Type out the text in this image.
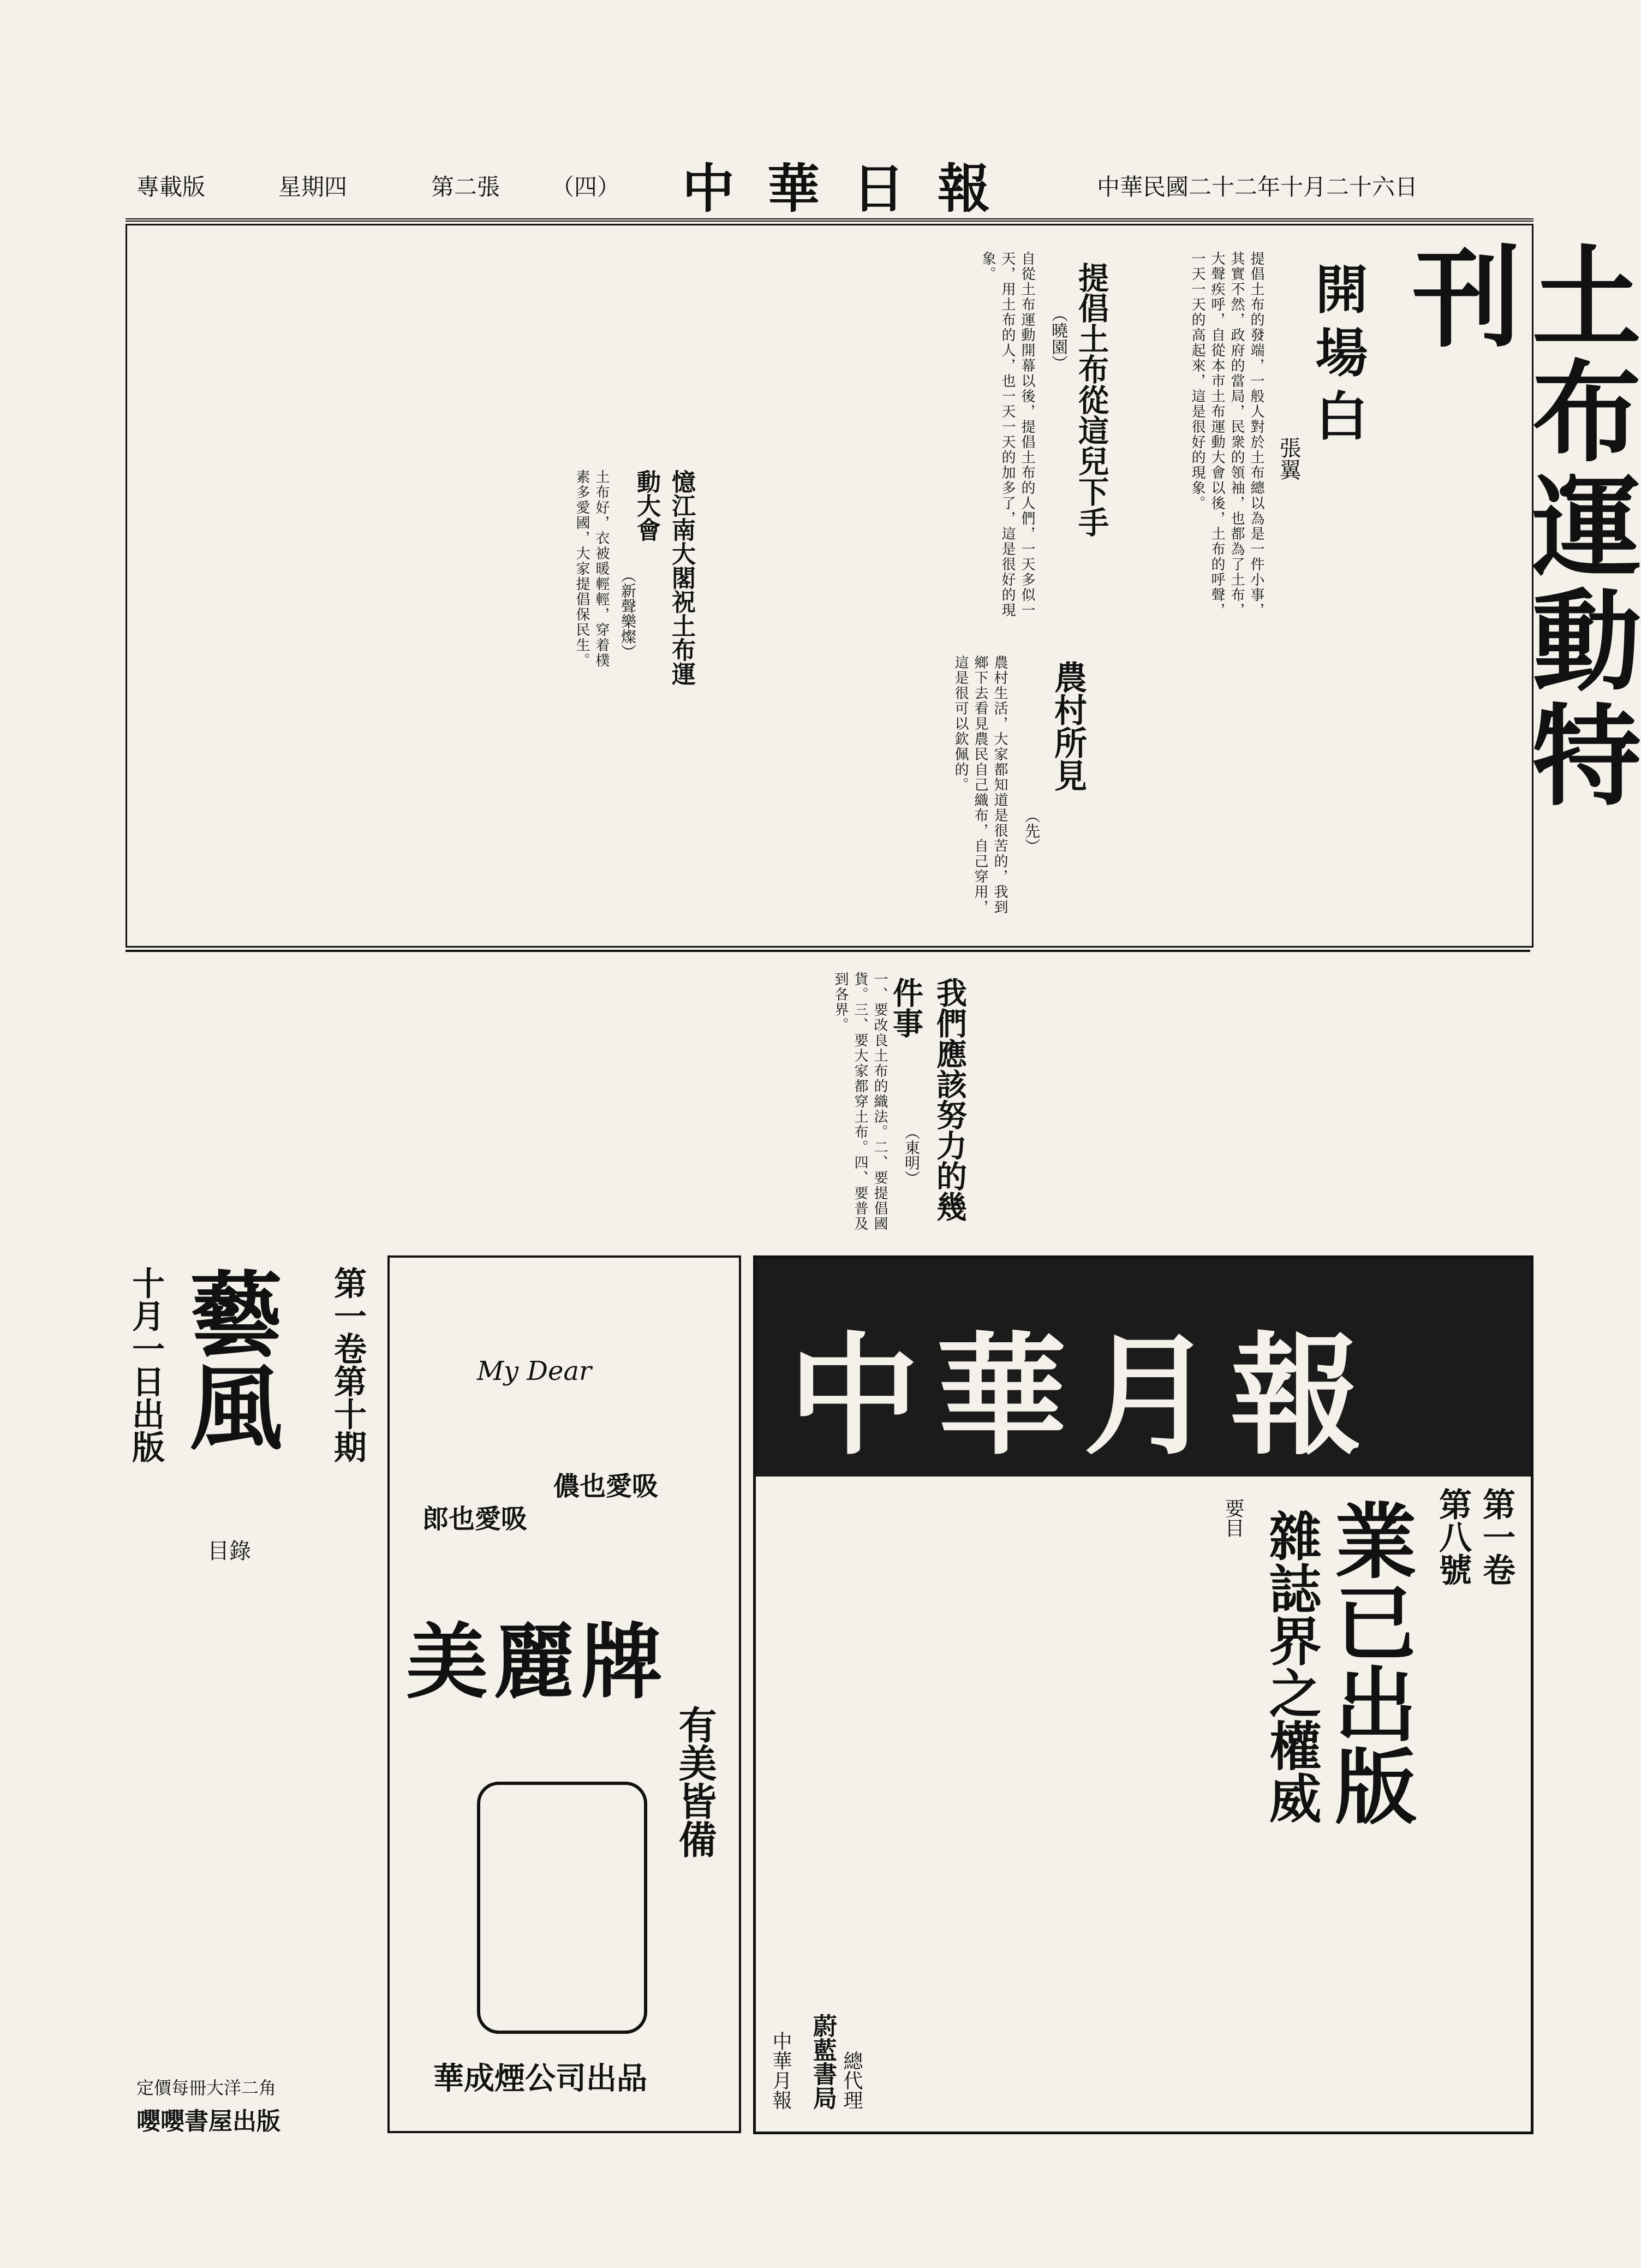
專載版	星期四	第二張 （四） 中華日報	中華民國二十二年十月二十六日
土布運動特刊
開場白
張翼
提倡土布的發端，一般人對於土布總以為是一件小事，其實不然，政府的當局，民衆的領袖，也都為了土布，大聲疾呼，自從本市土布運動大會以後，土布的呼聲，一天一天的高起來，這是很好的現象。
提倡土布從這兒下手
（曉園）
自從土布運動開幕以後，提倡土布的人們，一天多似一天，用土布的人，也一天一天的加多了，這是很好的現象。
憶江南大閣祝土布運動大會
（新聲樂燦）
土布好，衣被暖輕輕，穿着樸素多愛國，大家提倡保民生。
農村所見
（先）
農村生活，大家都知道是很苦的，我到鄉下去看見農民自己織布，自己穿用，這是很可以欽佩的。
我們應該努力的幾件事
（東明）
一、要改良土布的織法。二、要提倡國貨。三、要大家都穿土布。四、要普及到各界。
中華月報
第一卷
第八號
業已出版
雜誌界之權威
要目
總代理
蔚藍書局
中華月報
My Dear
儂也愛吸
郎也愛吸
美麗牌
有美皆備
華成煙公司出品
第一卷第十期
藝風
十月一日出版
目錄
定價每冊大洋二角
嚶嚶書屋出版
